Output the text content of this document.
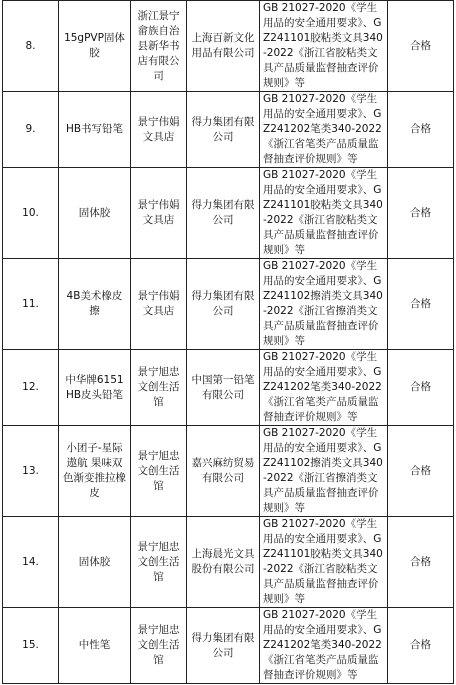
8.	15gPVP固体胶	浙江景宁畲族自治县新华书店有限公司	上海百新文化用品有限公司	GB 21027-2020《学生用品的安全通用要求》、GZ241101胶粘类文具340-2022《浙江省胶粘类文具产品质量监督抽查评价规则》等	合格
9.	HB书写铅笔	景宁伟娟文具店	得力集团有限公司	GB 21027-2020《学生用品的安全通用要求》、GZ241202笔类340-2022《浙江省笔类产品质量监督抽查评价规则》等	合格
10.	固体胶	景宁伟娟文具店	得力集团有限公司	GB 21027-2020《学生用品的安全通用要求》、GZ241101胶粘类文具340-2022《浙江省胶粘类文具产品质量监督抽查评价规则》等	合格
11.	4B美术橡皮擦	景宁伟娟文具店	得力集团有限公司	GB 21027-2020《学生用品的安全通用要求》、GZ241102擦消类文具340-2022《浙江省擦消类文具产品质量监督抽查评价规则》等	合格
12.	中华牌6151HB皮头铅笔	景宁旭忠文创生活馆	中国第一铅笔有限公司	GB 21027-2020《学生用品的安全通用要求》、GZ241202笔类340-2022《浙江省笔类产品质量监督抽查评价规则》等	合格
13.	小团子-星际遨航 果味双色渐变推拉橡皮	景宁旭忠文创生活馆	嘉兴麻纺贸易有限公司	GB 21027-2020《学生用品的安全通用要求》、GZ241102擦消类文具340-2022《浙江省擦消类文具产品质量监督抽查评价规则》等	合格
14.	固体胶	景宁旭忠文创生活馆	上海晨光文具股份有限公司	GB 21027-2020《学生用品的安全通用要求》、GZ241101胶粘类文具340-2022《浙江省胶粘类文具产品质量监督抽查评价规则》等	合格
15.	中性笔	景宁旭忠文创生活馆	得力集团有限公司	GB 21027-2020《学生用品的安全通用要求》、GZ241202笔类340-2022《浙江省笔类产品质量监督抽查评价规则》等	合格
